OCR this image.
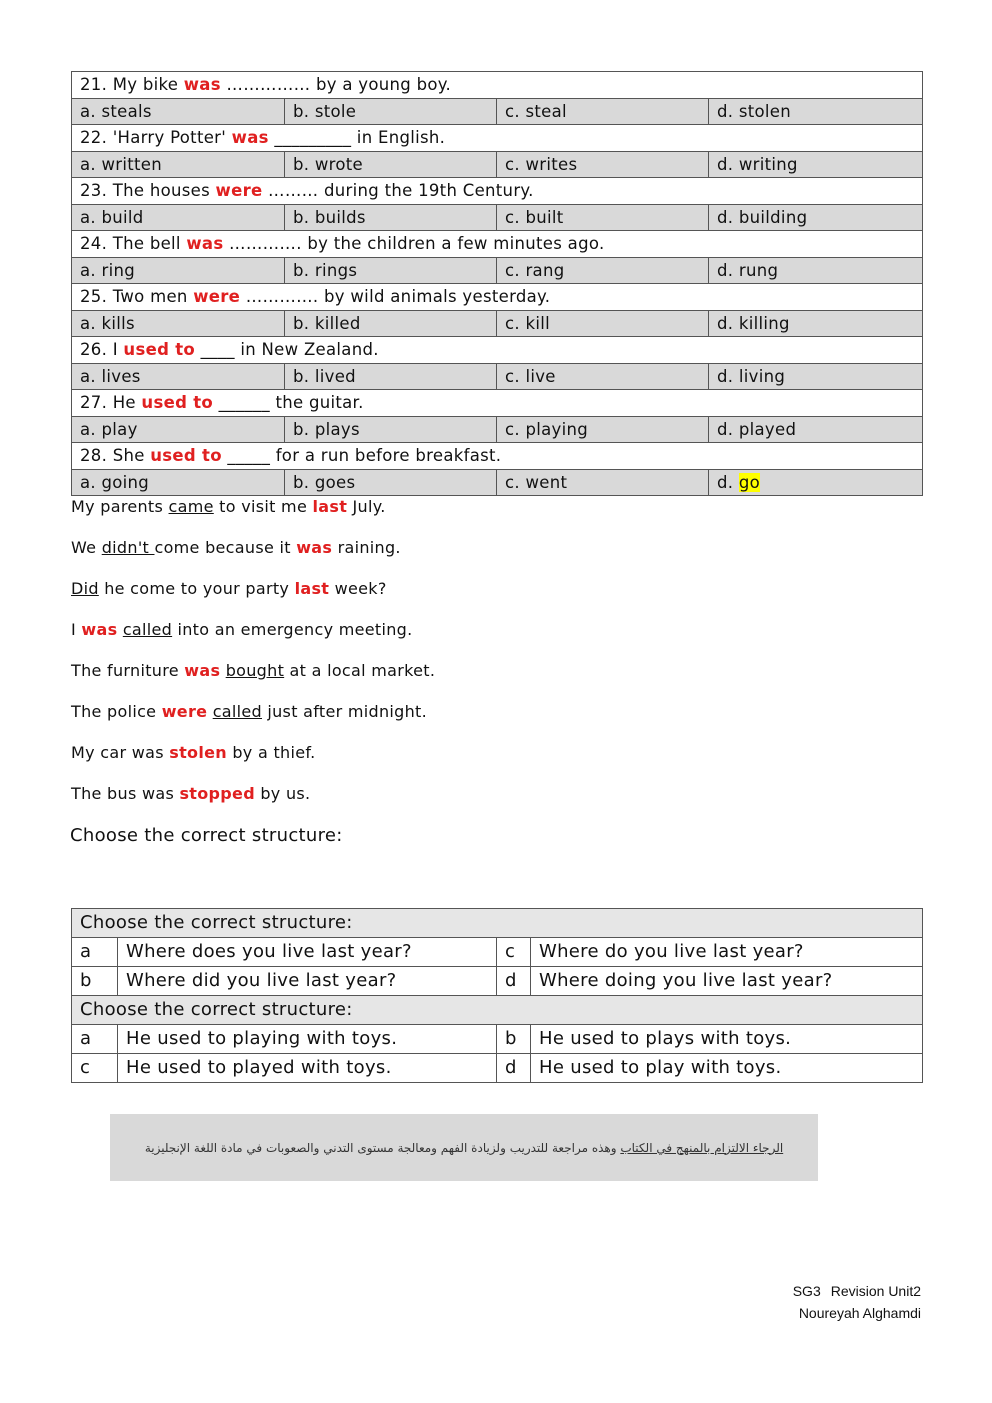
21. My bike was …………… by a young boy.			
a. steals	b. stole	c. steal	d. stolen
22. 'Harry Potter' was _________ in English.			
a. written	b. wrote	c. writes	d. writing
23. The houses were ……… during the 19th Century.			
a. build	b. builds	c. built	d. building
24. The bell was …………. by the children a few minutes ago.			
a. ring	b. rings	c. rang	d. rung
25. Two men were …………. by wild animals yesterday.			
a. kills	b. killed	c. kill	d. killing
26. I used to ____ in New Zealand.			
a. lives	b. lived	c. live	d. living
27. He used to ______ the guitar.			
a. play	b. plays	c. playing	d. played
28. She used to _____ for a run before breakfast.			
a. going	b. goes	c. went	d. go
My parents came to visit me last July.
We didn't come because it was raining.
Did he come to your party last week?
I was called into an emergency meeting.
The furniture was bought at a local market.
The police were called just after midnight.
My car was stolen by a thief.
The bus was stopped by us.
Choose the correct structure:
Choose the correct structure:			
a	Where does you live last year?	c	Where do you live last year?
b	Where did you live last year?	d	Where doing you live last year?
Choose the correct structure:			
a	He used to playing with toys.	b	He used to plays with toys.
c	He used to played with toys.	d	He used to play with toys.
الرجاء الالتزام بالمنهج في الكتاب وهذه مراجعة للتدريب ولزيادة الفهم ومعالجة مستوى التدني والصعوبات في مادة اللغة الإنجليزية
SG3 Revision Unit2
Noureyah Alghamdi
